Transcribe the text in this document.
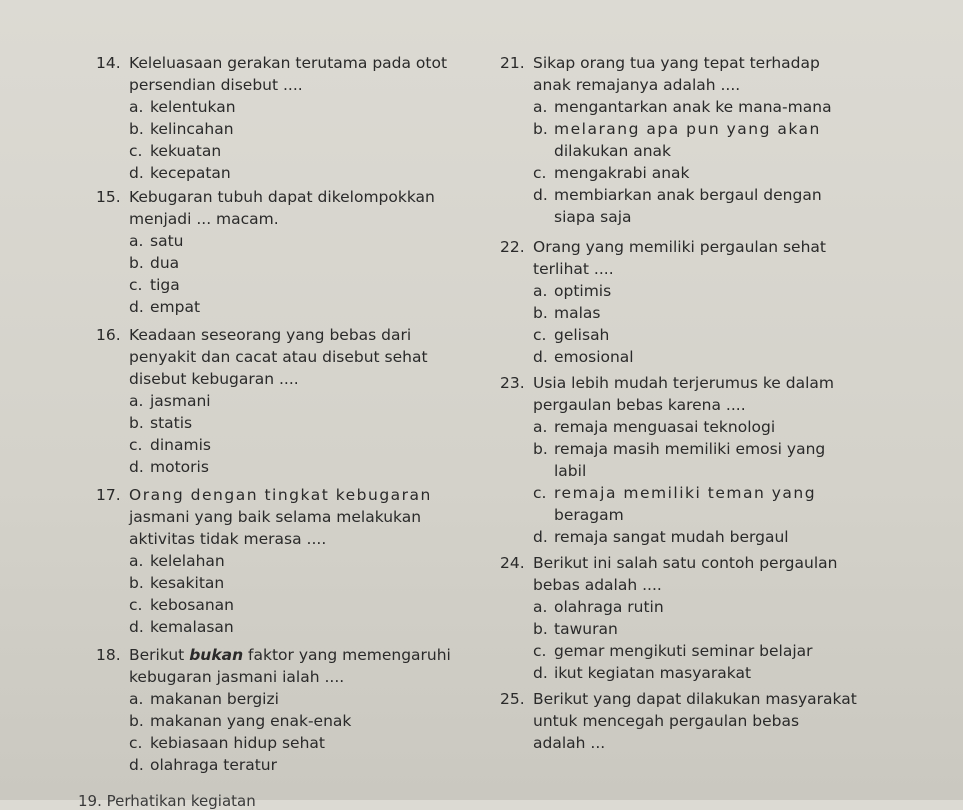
14. Keleluasaan gerakan terutama pada otot
persendian disebut ....
a. kelentukan
b. kelincahan
c. kekuatan
d. kecepatan
15. Kebugaran tubuh dapat dikelompokkan
menjadi ... macam.
a. satu
b. dua
c. tiga
d. empat
16. Keadaan seseorang yang bebas dari
penyakit dan cacat atau disebut sehat
disebut kebugaran ....
a. jasmani
b. statis
c. dinamis
d. motoris
17. Orang dengan tingkat kebugaran
jasmani yang baik selama melakukan
aktivitas tidak merasa ....
a. kelelahan
b. kesakitan
c. kebosanan
d. kemalasan
18. Berikut bukan faktor yang memengaruhi
kebugaran jasmani ialah ....
a. makanan bergizi
b. makanan yang enak-enak
c. kebiasaan hidup sehat
d. olahraga teratur
21. Sikap orang tua yang tepat terhadap
anak remajanya adalah ....
a. mengantarkan anak ke mana-mana
b. melarang apa pun yang akan
dilakukan anak
c. mengakrabi anak
d. membiarkan anak bergaul dengan
siapa saja
22. Orang yang memiliki pergaulan sehat
terlihat ....
a. optimis
b. malas
c. gelisah
d. emosional
23. Usia lebih mudah terjerumus ke dalam
pergaulan bebas karena ....
a. remaja menguasai teknologi
b. remaja masih memiliki emosi yang
labil
c. remaja memiliki teman yang
beragam
d. remaja sangat mudah bergaul
24. Berikut ini salah satu contoh pergaulan
bebas adalah ....
a. olahraga rutin
b. tawuran
c. gemar mengikuti seminar belajar
d. ikut kegiatan masyarakat
25. Berikut yang dapat dilakukan masyarakat
untuk mencegah pergaulan bebas
adalah ...
19. Perhatikan kegiatan
